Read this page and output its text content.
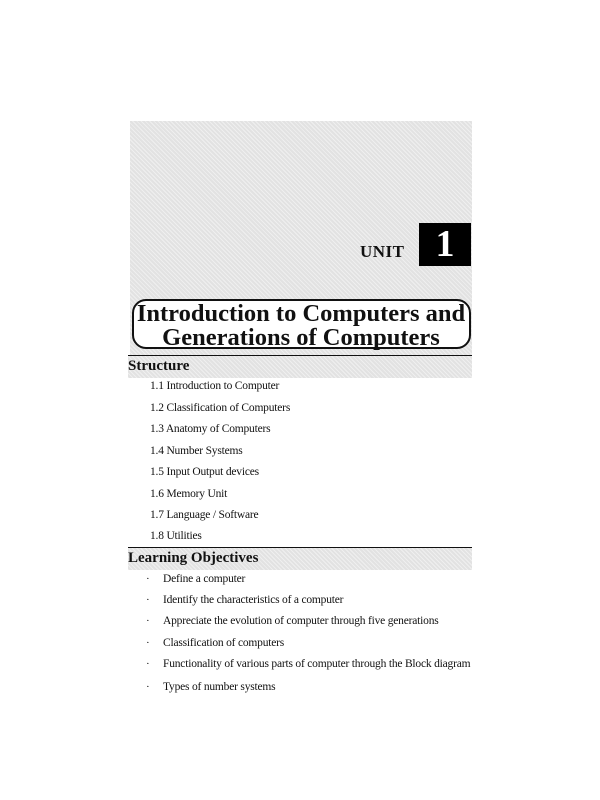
UNIT 1
Introduction to Computers and
Generations of Computers
Structure
1.1 Introduction to Computer
1.2 Classification of Computers
1.3 Anatomy of Computers
1.4 Number Systems
1.5 Input Output devices
1.6 Memory Unit
1.7 Language / Software
1.8 Utilities
Learning Objectives
· Define a computer
· Identify the characteristics of a computer
· Appreciate the evolution of computer through five generations
· Classification of computers
· Functionality of various parts of computer through the Block diagram
· Types of number systems
